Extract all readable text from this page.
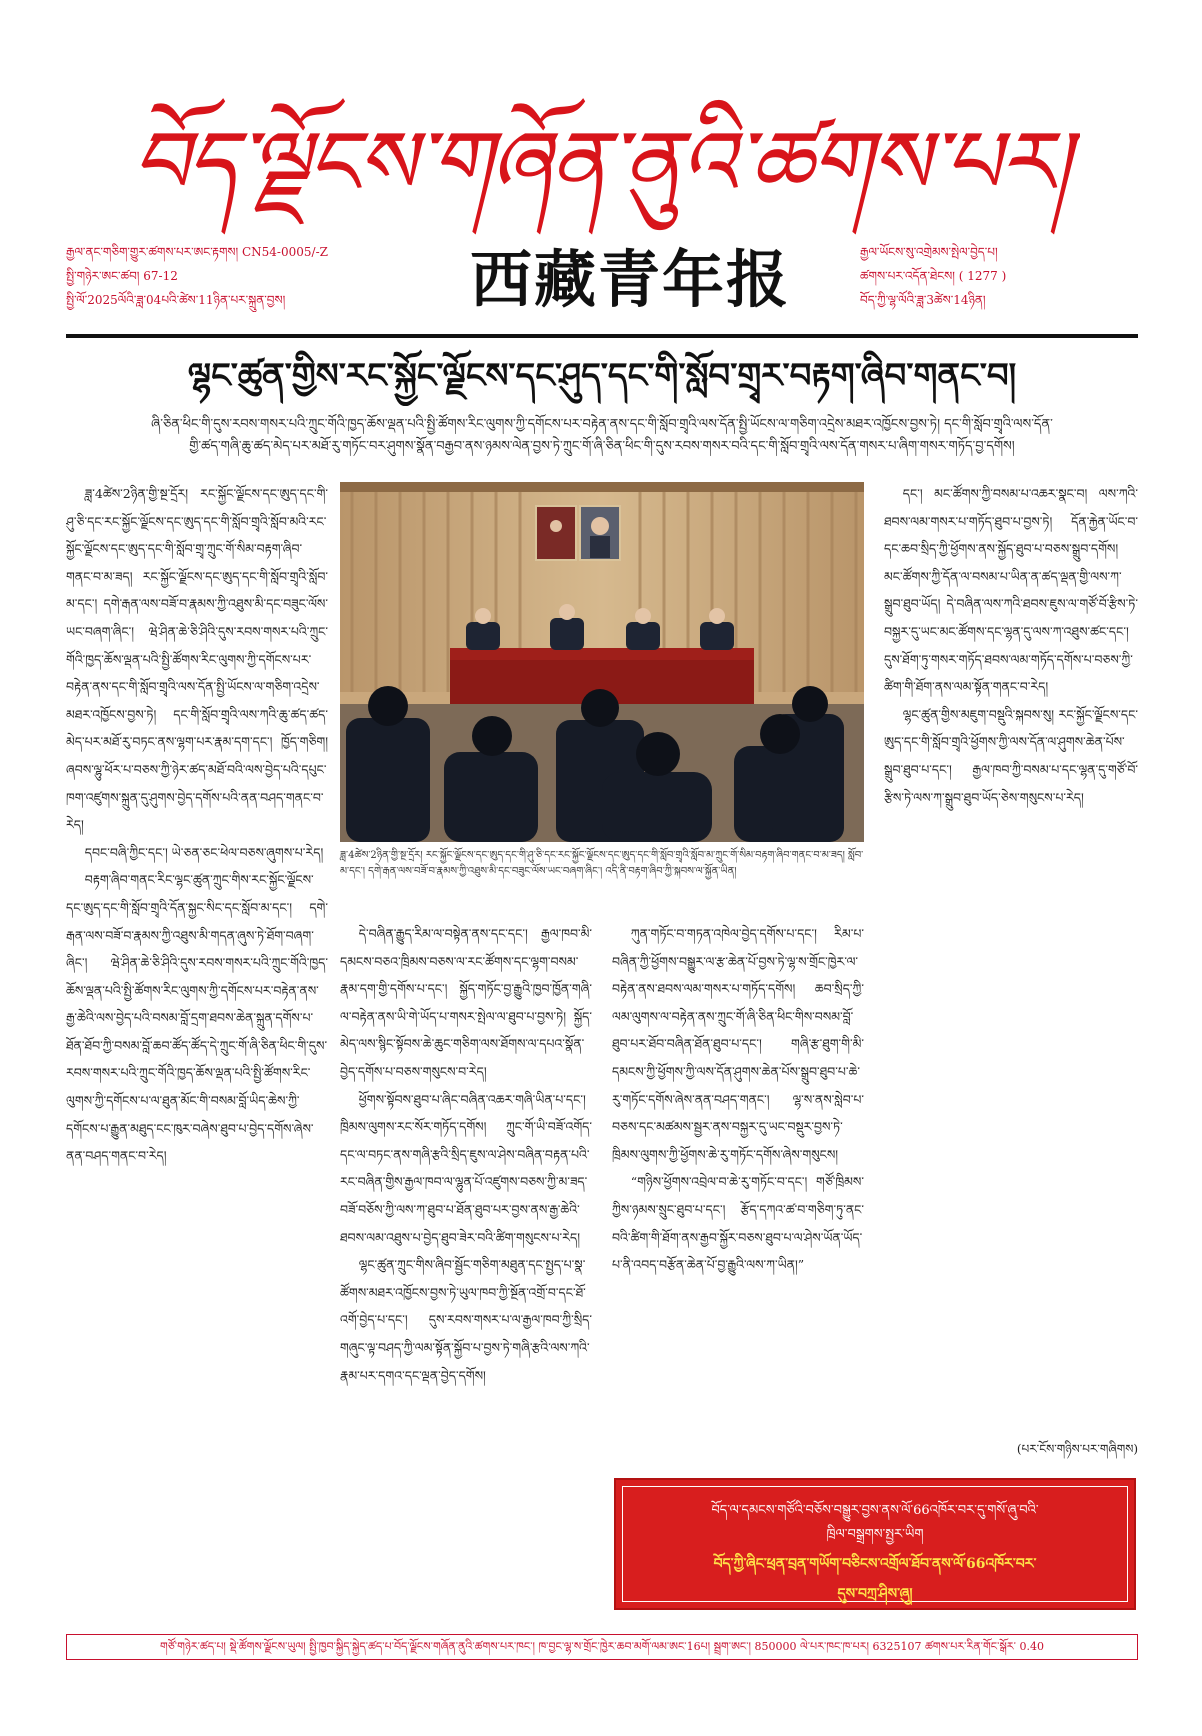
བོད་ལྗོངས་གཞོན་ནུའི་ཚགས་པར།
རྒྱལ་ནང་གཅིག་གྱུར་ཚགས་པར་ཨང་རྟགས། CN54-0005/-Z
སྤྱི་གཉེར་ཨང་ཚབ། 67-12
སྤྱི་ལོ་2025ལོའི་ཟླ་04པའི་ཚེས་11ཉིན་པར་སྐྲུན་བྱས།	西藏青年报	རྒྱལ་ཡོངས་སུ་འགྲེམས་སྤེལ་བྱེད་པ།
ཚགས་པར་འདོན་ཐེངས། ( 1277 )
བོད་ཀྱི་ལྷ་ལོའི་ཟླ་3ཚེས་14ཉིན།
ལྷང་ཚུན་གྱིས་རང་སྐྱོང་ལྗོངས་དང་ཤུད་དང་གི་སློབ་གྲྭར་བརྟག་ཞིབ་གནང་བ།
ཞི་ཅིན་ཕིང་གི་དུས་རབས་གསར་པའི་ཀྲུང་གོའི་ཁྱད་ཆོས་ལྡན་པའི་སྤྱི་ཚོགས་རིང་ལུགས་ཀྱི་དགོངས་པར་བརྟེན་ནས་དང་གི་སློབ་གྲྭའི་ལས་དོན་སྤྱི་ཡོངས་ལ་གཅིག་འདྲེས་མཐར་འཁྱོངས་བྱས་ཏེ། དང་གི་སློབ་གྲྭའི་ལས་དོན་
གྱི་ཚད་གཞི་ཆུ་ཚད་མེད་པར་མཐོ་རུ་གཏོང་བར་ཤུགས་སྣོན་བརྒྱབ་ནས་ཉམས་ལེན་བྱས་ཏེ་ཀྲུང་གོ་ཞི་ཅིན་ཕིང་གི་དུས་རབས་གསར་བའི་དང་གི་སློབ་གྲྭའི་ལས་དོན་གསར་པ་ཞིག་གསར་གཏོད་བྱ་དགོས།

ཟླ་4ཚེས་2ཉིན་གྱི་སྔ་དྲོར། རང་སྐྱོང་ལྗོངས་དང་ཨུད་དང་གི་ཤུ་ཅི་དང་རང་སྐྱོང་ལྗོངས་དང་ཨུད་དང་གི་སློབ་གྲྭའི་སློབ་མའི་རང་སྐྱོང་ལྗོངས་དང་ཨུད་དང་གི་སློབ་གྲྭ་ཀྲུང་གོ་སིམ་བརྟག་ཞིབ་གནང་བ་མ་ཟད། རང་སྐྱོང་ལྗོངས་དང་ཨུད་དང་གི་སློབ་གྲྭའི་སློབ་མ་དང་། དགེ་རྒན་ལས་བཟོ་བ་རྣམས་ཀྱི་འཐུས་མི་དང་བཟུང་ལོས་ཡང་བཞག་ཞིང་། ཝེ་ཤིན་ཆེ་ཅི་ཤིའི་དུས་རབས་གསར་པའི་ཀྲུང་གོའི་ཁྱད་ཆོས་ལྡན་པའི་སྤྱི་ཚོགས་རིང་ལུགས་ཀྱི་དགོངས་པར་བརྟེན་ནས་དང་གི་སློབ་གྲྭའི་ལས་དོན་སྤྱི་ཡོངས་ལ་གཅིག་འདྲེས་མཐར་འཁྱོངས་བྱས་ཏེ། དང་གི་སློབ་གྲྭའི་ལས་ཀའི་ཆུ་ཚད་ཚད་མེད་པར་མཐོ་རུ་བཏང་ནས་ལྷག་པར་རྣམ་དག་དང་། ཁྱོད་གཅིག། ཞབས་ལྷུ་ཕོར་པ་བཅས་ཀྱི་ཉེར་ཚད་མཐོ་བའི་ལས་བྱེད་པའི་དཔུང་ཁག་འཛུགས་སྐྲུན་དུ་ཤུགས་བྱེད་དགོས་པའི་ནན་བཤད་གནང་བ་རེད།

དབང་བཞི་ཀྱིང་དང་། ཡེ་ཅན་ཅང་ཕེལ་བཅས་ཞུགས་པ་རེད།

བརྟག་ཞིབ་གནང་རིང་ལྷང་ཚུན་ཀྲུང་གིས་རང་སྐྱོང་ལྗོངས་དང་ཨུད་དང་གི་སློབ་གྲྭའི་དོན་སྐྱང་སིང་དང་སློབ་མ་དང་། དགེ་རྒན་ལས་བཟོ་བ་རྣམས་ཀྱི་འཐུས་མི་གདན་ཞུས་ཏེ་ཐོག་བཞག་ཞིང་། ཝེ་ཤིན་ཆེ་ཅི་ཤིའི་དུས་རབས་གསར་པའི་ཀྲུང་གོའི་ཁྱད་ཆོས་ལྡན་པའི་སྤྱི་ཚོགས་རིང་ལུགས་ཀྱི་དགོངས་པར་བརྟེན་ནས་རྒྱ་ཆེའི་ལས་བྱེད་པའི་བསམ་བློ་དྲག་ཐབས་ཆེན་སྐྲུན་དགོས་པ་ཐོན་ཐོབ་ཀྱི་བསམ་བློ་ཆབ་ཚོད་ཚོད་དེ་ཀྲུང་གོ་ཞི་ཅིན་ཕིང་གི་དུས་རབས་གསར་པའི་ཀྲུང་གོའི་ཁྱད་ཆོས་ལྡན་པའི་སྤྱི་ཚོགས་རིང་ལུགས་ཀྱི་དགོངས་པ་ལ་ཐུན་མོང་གི་བསམ་བློ་ཡིད་ཆེས་ཀྱི་དགོངས་པ་རྒྱུན་མཐུད་ངང་ཁུར་བཞེས་ཐུབ་པ་བྱེད་དགོས་ཞེས་ནན་བཤད་གནང་བ་རེད།

ཟླ་4ཚེས་2ཉིན་གྱི་སྔ་དྲོར། རང་སྐྱོང་ལྗོངས་དང་ཨུད་དང་གི་ཤུ་ཅི་དང་རང་སྐྱོང་ལྗོངས་དང་ཨུད་དང་གི་སློབ་གྲྭའི་སློབ་མ་ཀྲུང་གོ་སིམ་བརྟག་ཞིབ་གནང་བ་མ་ཟད། སློབ་མ་དང་། དགེ་རྒན་ལས་བཟོ་བ་རྣམས་ཀྱི་འཐུས་མི་དང་བཟུང་ལོས་ཡང་བཞག་ཞིང་། འདི་ནི་བརྟག་ཞིབ་ཀྱི་སྐབས་ལ་སྐྱོན་ཡིན།

དེ་བཞིན་རྒྱུད་རིམ་ལ་བསྟེན་ནས་དང་དང་། རྒྱལ་ཁབ་མི་དམངས་བཅའ་ཁྲིམས་བཅས་ལ་རང་ཚོགས་དང་ལྷག་བསམ་རྣམ་དག་གྱི་དགོས་པ་དང་། སྐྱོད་གཏོང་བྱ་རྒྱུའི་ཁྱབ་ཁྱོན་གཞི་ལ་བརྟེན་ནས་ཡི་གེ་ཡོད་པ་གསར་སྤེལ་ལ་ཐུབ་པ་བྱས་ཏེ། སྐྱོད་མེད་ལས་སྙིང་སྟོབས་ཆེ་ཆུང་གཅིག་ལས་ཐོགས་ལ་དཔའ་སྣོན་བྱེད་དགོས་པ་བཅས་གསུངས་བ་རེད།

ཕྱོགས་སྟོབས་ཐུབ་པ་ཞིང་བཞིན་འཆར་གཞི་ཡིན་པ་དང་། ཁྲིམས་ལུགས་རང་སོར་གཏོད་དགོས། ཀྲུང་གོ་ཡི་བཟོ་འགོད་དང་ལ་བཏང་ནས་གཞི་རྩའི་སྲིད་ཇུས་ལ་ཤེས་བཞིན་བརྟན་པའི་རང་བཞིན་གྱིས་རྒྱལ་ཁབ་ལ་ལྷུན་པོ་འཛུགས་བཅས་ཀྱི་མ་ཟད་བཟོ་བཅོས་ཀྱི་ལས་ཀ་ཐུབ་པ་ཐོན་ཐུབ་པར་བྱས་ནས་རྒྱ་ཆེའི་ཐབས་ལམ་འཐུས་པ་བྱེད་ཐུབ་ཟེར་བའི་ཚིག་གསུངས་པ་རེད།

ལྷང་ཚུན་ཀྲུང་གིས་ཞིབ་སྦྱོང་གཅིག་མཐུན་དང་སྤྱད་པ་སྣ་ཚོགས་མཐར་འཁྱོངས་བྱས་ཏེ་ཡུལ་ཁབ་ཀྱི་སྔོན་འགྲོ་བ་དང་ཐོ་འགོ་བྱེད་པ་དང་། དུས་རབས་གསར་པ་ལ་རྒྱལ་ཁབ་ཀྱི་སྲིད་གཞུང་ལྟ་བཤད་ཀྱི་ལམ་སྟོན་སྐྱོབ་པ་བྱས་ཏེ་གཞི་རྩའི་ལས་ཀའི་རྣམ་པར་དགའ་དང་ལྡན་བྱེད་དགོས།

ཀུན་གཏོང་བ་གཏན་འཁེལ་བྱེད་དགོས་པ་དང་། རིམ་པ་བཞིན་ཀྱི་ཕྱོགས་བསྒྱུར་ལ་རྩ་ཆེན་པོ་བྱས་ཏེ་ལྷ་ས་གྲོང་ཁྱེར་ལ་བརྟེན་ནས་ཐབས་ལམ་གསར་པ་གཏོད་དགོས། ཆབ་སྲིད་ཀྱི་ལམ་ལུགས་ལ་བརྟེན་ནས་ཀྲུང་གོ་ཞི་ཅིན་ཕིང་གིས་བསམ་བློ་ཐུབ་པར་ཐོབ་བཞིན་ཐོན་ཐུབ་པ་དང་། གཞི་རྩ་ཐུག་གི་མི་དམངས་ཀྱི་ཕྱོགས་ཀྱི་ལས་དོན་ཤུགས་ཆེན་པོས་སྒྲུབ་ཐུབ་པ་ཆེ་རུ་གཏོང་དགོས་ཞེས་ནན་བཤད་གནང་། ལྷ་ས་ནས་སླེབ་པ་བཅས་དང་མཚམས་སྦྱར་ནས་བསྐྱར་དུ་ཡང་བསྡུར་བྱས་ཏེ་ཁྲིམས་ལུགས་ཀྱི་ཕྱོགས་ཆེ་རུ་གཏོང་དགོས་ཞེས་གསུངས།

“གཉིས་ཕྱོགས་འབྲེལ་བ་ཆེ་རུ་གཏོང་བ་དང་། གཙོ་ཁྲིམས་ཀྱིས་ཉམས་སྲུང་ཐུབ་པ་དང་། རྩོད་དཀའ་ཚ་བ་གཅིག་ཏུ་ནང་བའི་ཚིག་གི་ཐོག་ནས་རྒྱབ་སྐྱོར་བཅས་ཐུབ་པ་ལ་ཤེས་ཡོན་ཡོད་པ་ནི་འབད་བརྩོན་ཆེན་པོ་བྱ་རྒྱུའི་ལས་ཀ་ཡིན།”

དང་། མང་ཚོགས་ཀྱི་བསམ་པ་འཆར་སྣང་བ། ལས་ཀའི་ཐབས་ལམ་གསར་པ་གཏོད་ཐུབ་པ་བྱས་ཏེ། དོན་རྐྱེན་ཡོང་བ་དང་ཆབ་སྲིད་ཀྱི་ཕྱོགས་ནས་སྐྱོད་ཐུབ་པ་བཅས་སྒྲུབ་དགོས། མང་ཚོགས་ཀྱི་དོན་ལ་བསམ་པ་ཡིན་ན་ཚད་ལྡན་གྱི་ལས་ཀ་སྒྲུབ་ཐུབ་ཡོད། དེ་བཞིན་ལས་ཀའི་ཐབས་ཇུས་ལ་གཙོ་བོ་རྩིས་ཏེ་བསྐྱར་དུ་ཡང་མང་ཚོགས་དང་ལྷན་དུ་ལས་ཀ་འཐུས་ཚང་དང་། དུས་ཐོག་ཏུ་གསར་གཏོད་ཐབས་ལམ་གཏོད་དགོས་པ་བཅས་ཀྱི་ཚིག་གི་ཐོག་ནས་ལམ་སྟོན་གནང་བ་རེད།

ལྷང་ཚུན་གྱིས་མཇུག་བསྡུའི་སྐབས་སུ། རང་སྐྱོང་ལྗོངས་དང་ཨུད་དང་གི་སློབ་གྲྭའི་ཕྱོགས་ཀྱི་ལས་དོན་ལ་ཤུགས་ཆེན་པོས་སྒྲུབ་ཐུབ་པ་དང་། རྒྱལ་ཁབ་ཀྱི་བསམ་པ་དང་ལྷན་དུ་གཙོ་བོ་རྩིས་ཏེ་ལས་ཀ་སྒྲུབ་ཐུབ་ཡོད་ཅེས་གསུངས་པ་རེད།

(པར་ངོས་གཉིས་པར་གཞིགས)
བོད་ལ་དམངས་གཙོའི་བཅོས་བསྒྱུར་བྱས་ནས་ལོ་66འཁོར་བར་དུ་གསོ་ཞུ་བའི་
ཁྲིལ་བསྒྲགས་སྤྱར་ཡིག
བོད་ཀྱི་ཞིང་ཕྲན་བྲན་གཡོག་བཅིངས་འགྲོལ་ཐོབ་ནས་ལོ་66འཁོར་བར་
དུས་བཀྲ་ཤིས་ཞུ།
གཙོ་གཉེར་ཚད་པ། སྡེ་ཚོགས་ལྗོངས་ཡུལ། སྤྱི་ཁྱབ་སྐྱིད་སྐྱེད་ཚད་པ་བོད་ལྗོངས་གཞོན་ནུའི་ཚགས་པར་ཁང་། ཁ་བྱང་ལྷ་ས་གྲོང་ཁྱེར་ཆབ་མགོ་ལམ་ཨང་16པ། སྦྲག་ཨང་། 850000 ལེ་པར་ཁང་ཁ་པར། 6325107 ཚགས་པར་རིན་གོང་སྒོར་ 0.40
